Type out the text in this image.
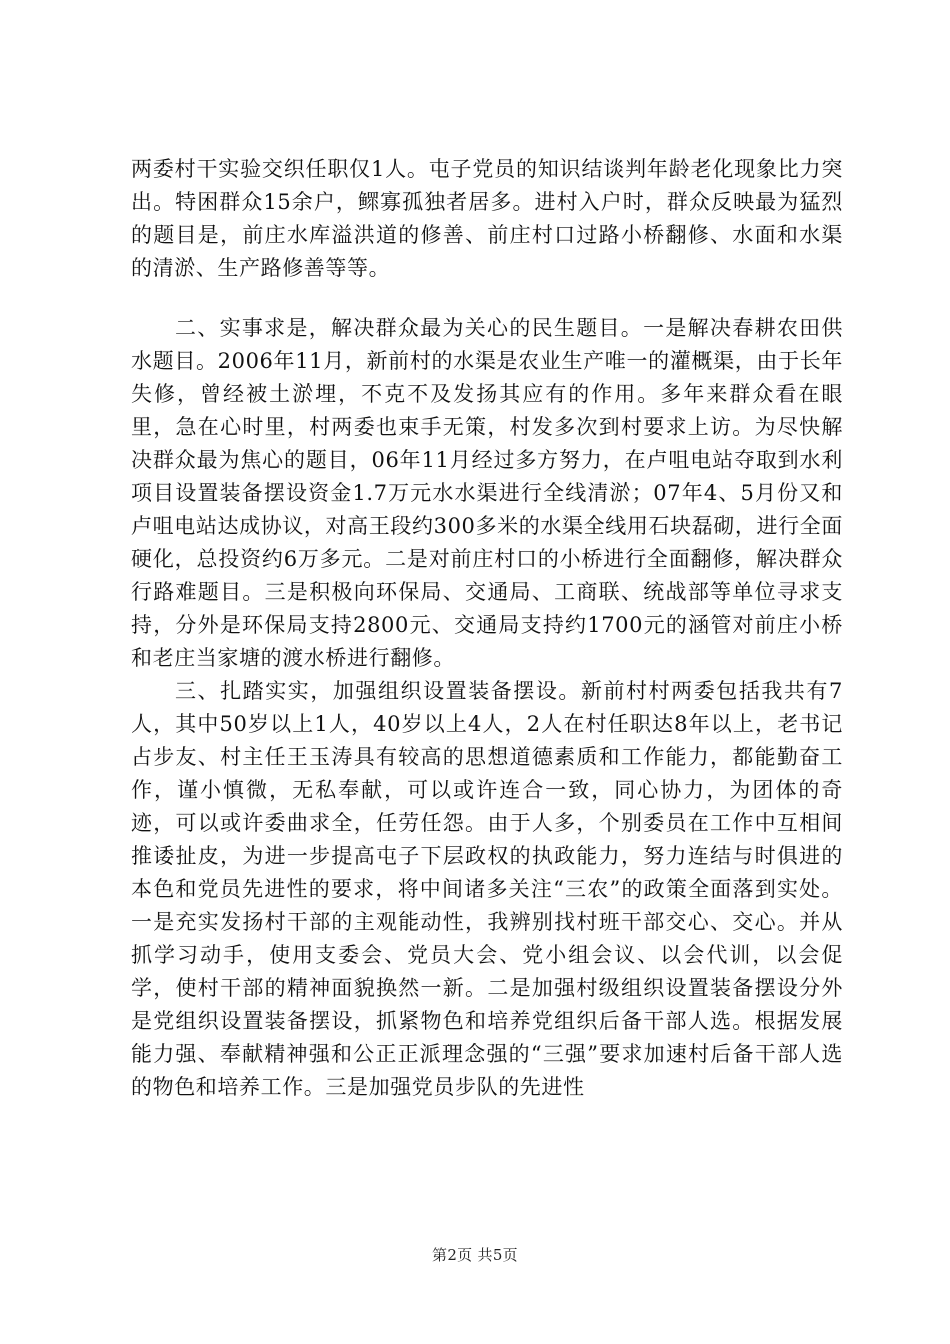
两委村干实验交织任职仅1人。屯子党员的知识结谈判年龄老化现象比力突出。特困群众15余户，鳏寡孤独者居多。进村入户时，群众反映最为猛烈的题目是，前庄水库溢洪道的修善、前庄村口过路小桥翻修、水面和水渠的清淤、生产路修善等等。

二、实事求是，解决群众最为关心的民生题目。一是解决春耕农田供水题目。2006年11月，新前村的水渠是农业生产唯一的灌概渠，由于长年失修，曾经被土淤埋，不克不及发扬其应有的作用。多年来群众看在眼里，急在心时里，村两委也束手无策，村发多次到村要求上访。为尽快解决群众最为焦心的题目，06年11月经过多方努力，在卢咀电站夺取到水利项目设置装备摆设资金1.7万元水水渠进行全线清淤；07年4、5月份又和卢咀电站达成协议，对高王段约300多米的水渠全线用石块磊砌，进行全面硬化，总投资约6万多元。二是对前庄村口的小桥进行全面翻修，解决群众行路难题目。三是积极向环保局、交通局、工商联、统战部等单位寻求支持，分外是环保局支持2800元、交通局支持约1700元的涵管对前庄小桥和老庄当家塘的渡水桥进行翻修。

三、扎踏实实，加强组织设置装备摆设。新前村村两委包括我共有7人，其中50岁以上1人，40岁以上4人，2人在村任职达8年以上，老书记占步友、村主任王玉涛具有较高的思想道德素质和工作能力，都能勤奋工作，谨小慎微，无私奉献，可以或许连合一致，同心协力，为团体的奇迹，可以或许委曲求全，任劳任怨。由于人多，个别委员在工作中互相间推诿扯皮，为进一步提高屯子下层政权的执政能力，努力连结与时俱进的本色和党员先进性的要求，将中间诸多关注“三农”的政策全面落到实处。一是充实发扬村干部的主观能动性，我辨别找村班干部交心、交心。并从抓学习动手，使用支委会、党员大会、党小组会议、以会代训，以会促学，使村干部的精神面貌换然一新。二是加强村级组织设置装备摆设分外是党组织设置装备摆设，抓紧物色和培养党组织后备干部人选。根据发展能力强、奉献精神强和公正正派理念强的“三强”要求加速村后备干部人选的物色和培养工作。三是加强党员步队的先进性

第2页 共5页
